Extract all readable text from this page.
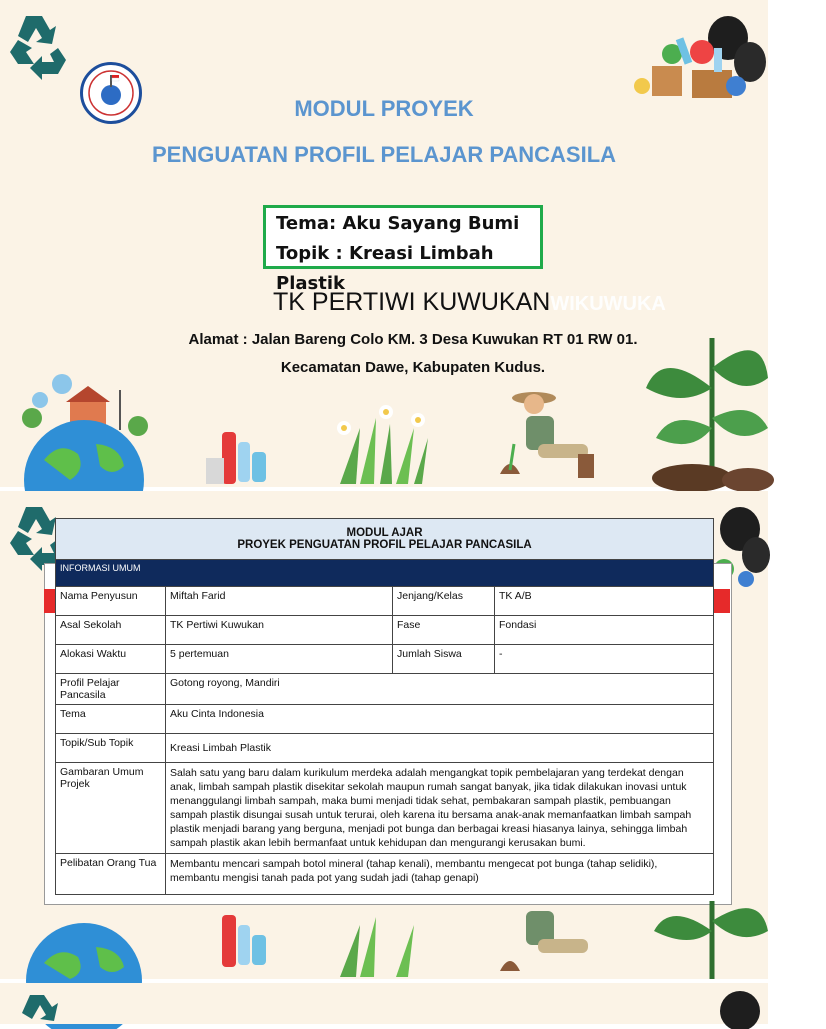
MODUL PROYEK
PENGUATAN PROFIL PELAJAR PANCASILA
Tema: Aku Sayang Bumi
Topik : Kreasi Limbah
Plastik
TK PERTIWI KUWUKANWIKUWUKA
Alamat : Jalan Bareng Colo KM. 3 Desa Kuwukan RT 01 RW 01.
Kecamatan Dawe, Kabupaten Kudus.
MODUL AJAR
PROYEK PENGUATAN PROFIL PELAJAR PANCASILA			

INFORMASI UMUM			
Nama Penyusun	Miftah Farid	Jenjang/Kelas	TK A/B
Asal Sekolah	TK Pertiwi Kuwukan	Fase	Fondasi
Alokasi Waktu	5 pertemuan	Jumlah Siswa	-
Profil Pelajar Pancasila	Gotong royong, Mandiri		
Tema	Aku Cinta Indonesia		
Topik/Sub Topik	Kreasi Limbah Plastik		
Gambaran Umum Projek	Salah satu yang baru dalam kurikulum merdeka adalah mengangkat topik pembelajaran yang terdekat dengan anak, limbah sampah plastik disekitar sekolah maupun rumah sangat banyak, jika tidak dilakukan inovasi untuk menanggulangi limbah sampah, maka bumi menjadi tidak sehat, pembakaran sampah plastik, pembuangan sampah plastik disungai susah untuk terurai, oleh karena itu bersama anak-anak memanfaatkan limbah sampah plastik menjadi barang yang berguna, menjadi pot bunga dan berbagai kreasi hiasanya lainya, sehingga limbah sampah plastik akan lebih bermanfaat untuk kehidupan dan mengurangi kerusakan bumi.		
Pelibatan Orang Tua	Membantu mencari sampah botol mineral (tahap kenali), membantu mengecat pot bunga (tahap selidiki), membantu mengisi tanah pada pot yang sudah jadi (tahap genapi)		
